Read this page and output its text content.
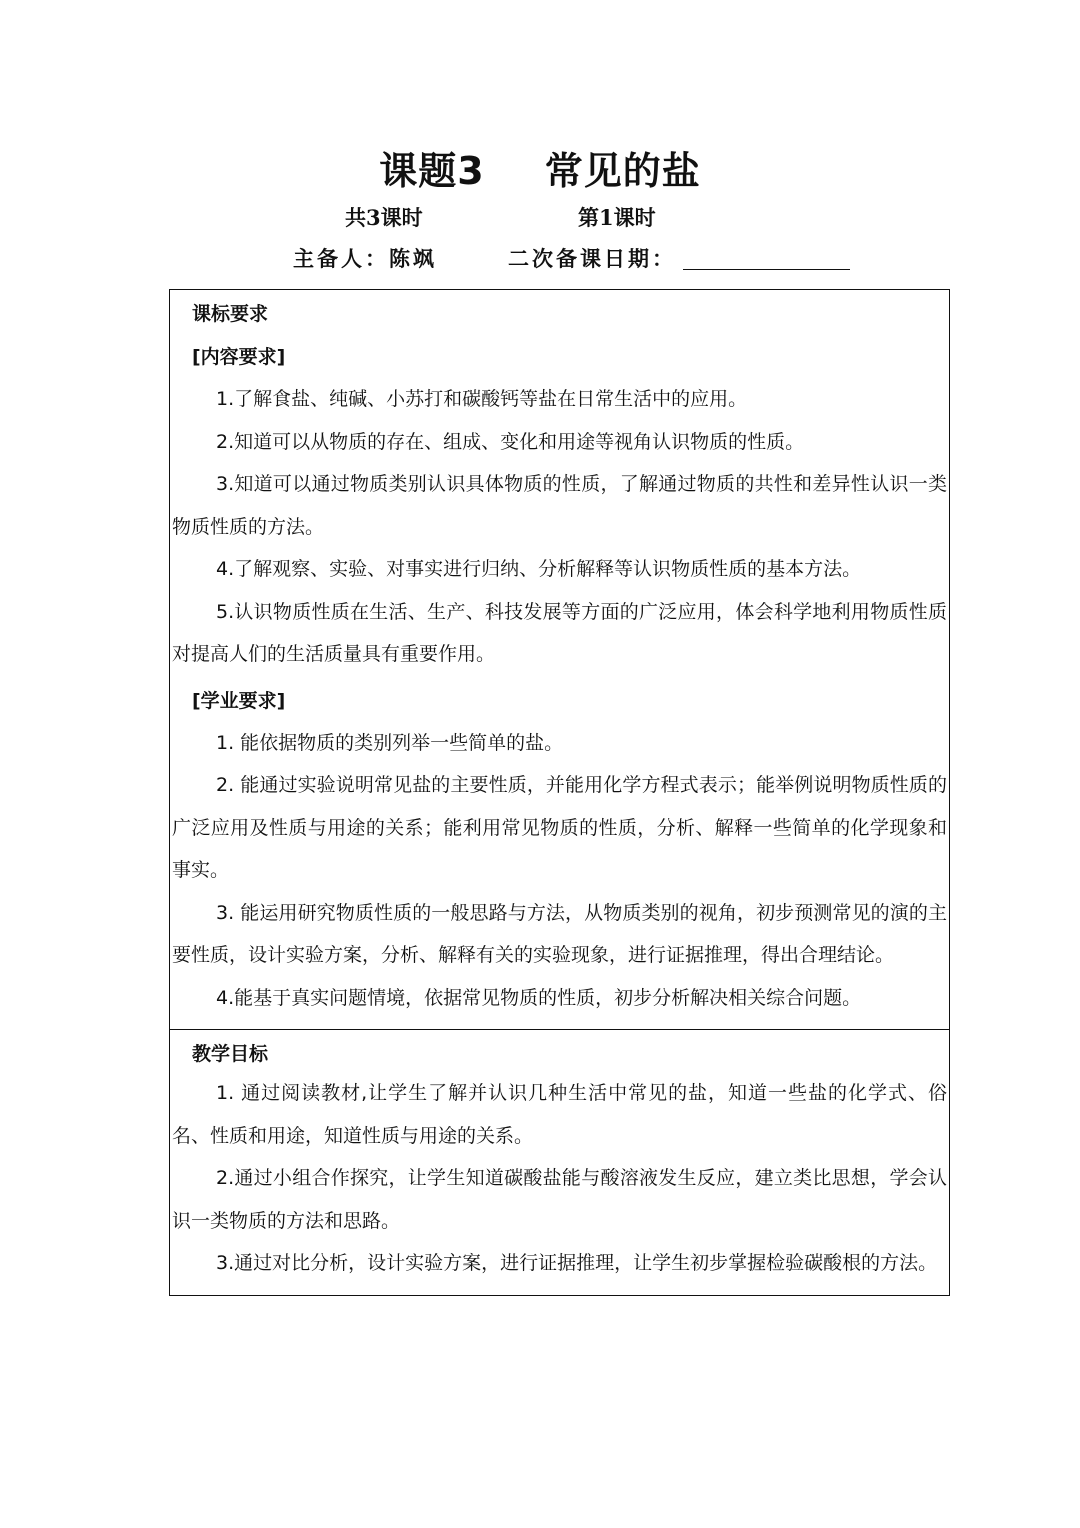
课题3 常见的盐
共3课时	第1课时
主备人：陈飒	二次备课日期：
课标要求
[内容要求]

1.了解食盐、纯碱、小苏打和碳酸钙等盐在日常生活中的应用。

2.知道可以从物质的存在、组成、变化和用途等视角认识物质的性质。

3.知道可以通过物质类别认识具体物质的性质，了解通过物质的共性和差异性认识一类物质性质的方法。

4.了解观察、实验、对事实进行归纳、分析解释等认识物质性质的基本方法。

5.认识物质性质在生活、生产、科技发展等方面的广泛应用，体会科学地利用物质性质对提高人们的生活质量具有重要作用。

[学业要求]

1. 能依据物质的类别列举一些简单的盐。

2. 能通过实验说明常见盐的主要性质，并能用化学方程式表示；能举例说明物质性质的广泛应用及性质与用途的关系；能利用常见物质的性质，分析、解释一些简单的化学现象和事实。

3. 能运用研究物质性质的一般思路与方法，从物质类别的视角，初步预测常见的演的主要性质，设计实验方案，分析、解释有关的实验现象，进行证据推理，得出合理结论。

4.能基于真实问题情境，依据常见物质的性质，初步分析解决相关综合问题。

教学目标

1. 通过阅读教材,让学生了解并认识几种生活中常见的盐，知道一些盐的化学式、俗名、性质和用途，知道性质与用途的关系。

2.通过小组合作探究，让学生知道碳酸盐能与酸溶液发生反应，建立类比思想，学会认识一类物质的方法和思路。

3.通过对比分析，设计实验方案，进行证据推理，让学生初步掌握检验碳酸根的方法。
